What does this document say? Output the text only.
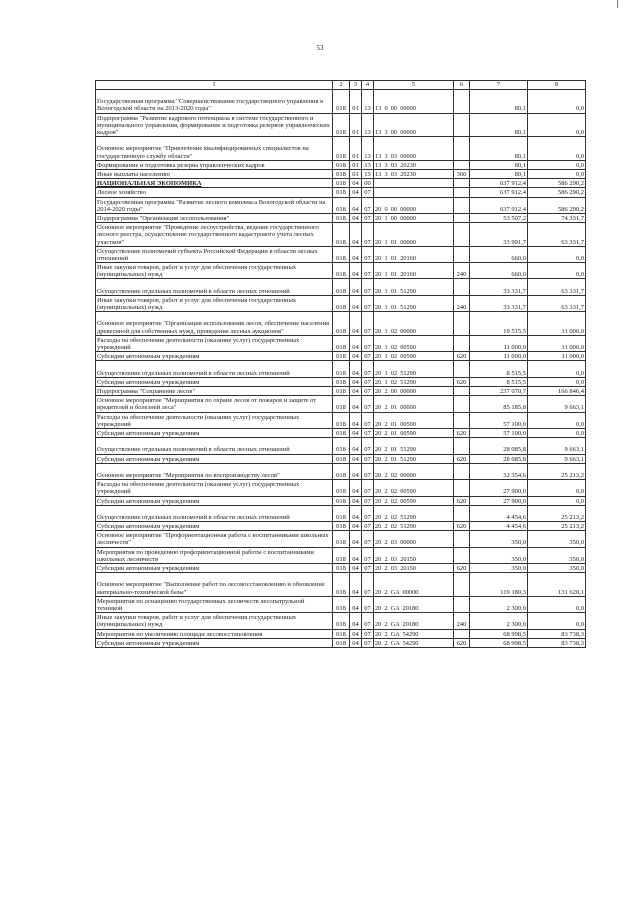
53
1	2	3	4	5	6	7	8

Государственная программа "Совершенствование государственного управления в Вологодской области на 2013-2020 годы"	018	01	13	13  0  00  00000		80,1	0,0

Подпрограмма "Развитие кадрового потенциала в системе государственного и муниципального управления, формирование и подготовка резервов управленческих кадров"	018	01	13	13  3  00  00000		80,1	0,0

Основное мероприятие "Привлечение квалифицированных специалистов на государственную службу области"	018	01	13	13  3  03  00000		80,1	0,0

Формирование и подготовка резерва управленческих кадров	018	01	13	13  3  03  20230		80,1	0,0

Иные выплаты населению	018	01	13	13  3  03  20230	360	80,1	0,0

НАЦИОНАЛЬНАЯ ЭКОНОМИКА	018	04	00			637 912,4	586 290,2

Лесное хозяйство	018	04	07			637 912,4	586 290,2

Государственная программа "Развитие лесного комплекса Вологодской области на 2014-2020 годы"	018	04	07	20  0  00  00000		637 912,4	586 290,2

Подпрограмма "Организация лесопользования"	018	04	07	20  1  00  00000		53 507,2	74 331,7

Основное мероприятие "Проведение лесоустройства, ведение государственного лесного реестра, осуществление государственного кадастрового учета лесных участков"	018	04	07	20  1  01  00000		33 991,7	63 331,7

Осуществление полномочий субъекта Российской Федерации в области лесных отношений	018	04	07	20  1  01  20160		660,0	0,0

Иные закупки товаров, работ и услуг для обеспечения государственных (муниципальных) нужд	018	04	07	20  1  01  20160	240	660,0	0,0

Осуществление отдельных полномочий в области лесных отношений	018	04	07	20  1  01  51290		33 331,7	63 331,7

Иные закупки товаров, работ и услуг для обеспечения государственных (муниципальных) нужд	018	04	07	20  1  01  51290	240	33 331,7	63 331,7

Основное мероприятие "Организация использования лесов, обеспечение населения древесиной для собственных нужд, проведение лесных аукционов"	018	04	07	20  1  02  00000		19 515,5	11 000,0

Расходы на обеспечение деятельности (оказание услуг) государственных учреждений	018	04	07	20  1  02  00590		11 000,0	11 000,0

Субсидии автономным учреждениям	018	04	07	20  1  02  00590	620	11 000,0	11 000,0

Осуществление отдельных полномочий в области лесных отношений	018	04	07	20  1  02  51290		8 515,5	0,0

Субсидии автономным учреждениям	018	04	07	20  1  02  51290	620	8 515,5	0,0

Подпрограмма "Сохранение лесов"	018	04	07	20  2  00  00000		237 070,7	166 846,4

Основное мероприятие "Мероприятия по охране лесов от пожаров и защите от вредителей и болезней леса"	018	04	07	20  2  01  00000		85 185,8	9 663,1

Расходы на обеспечение деятельности (оказание услуг) государственных учреждений	018	04	07	20  2  01  00590		57 100,0	0,0

Субсидии автономным учреждениям	018	04	07	20  2  01  00590	620	57 100,0	0,0

Осуществление отдельных полномочий в области лесных отношений	018	04	07	20  2  01  51290		28 085,8	9 663,1

Субсидии автономным учреждениям	018	04	07	20  2  01  51290	620	28 085,8	9 663,1

Основное мероприятие "Мероприятия по воспроизводству лесов"	018	04	07	20  2  02  00000		32 354,6	25 213,2

Расходы на обеспечение деятельности (оказание услуг) государственных учреждений	018	04	07	20  2  02  00590		27 900,0	0,0

Субсидии автономным учреждениям	018	04	07	20  2  02  00590	620	27 900,0	0,0

Осуществление отдельных полномочий в области лесных отношений	018	04	07	20  2  02  51290		4 454,6	25 213,2

Субсидии автономным учреждениям	018	04	07	20  2  02  51290	620	4 454,6	25 213,2

Основное мероприятие "Профориентационная работа с воспитанниками школьных лесничеств"	018	04	07	20  2  03  00000		350,0	350,0

Мероприятия по проведению профориентационной работы с воспитанниками школьных лесничеств	018	04	07	20  2  03  20150		350,0	350,0

Субсидии автономным учреждениям	018	04	07	20  2  03  20150	620	350,0	350,0

Основное мероприятие "Выполнение работ по лесовосстановлению и обновление материально-технической базы"	018	04	07	20  2  GA  00000		119 180,3	131 620,1

Мероприятия по оснащению государственных лесничеств лесопатрульной техникой	018	04	07	20  2  GA  20180		2 300,0	0,0

Иные закупки товаров, работ и услуг для обеспечения государственных (муниципальных) нужд	018	04	07	20  2  GA  20180	240	2 300,0	0,0

Мероприятия по увеличению площади лесовосстановления	018	04	07	20  2  GA  54290		68 998,5	83 738,3

Субсидии автономным учреждениям	018	04	07	20  2  GA  54290	620	68 998,5	83 738,3
